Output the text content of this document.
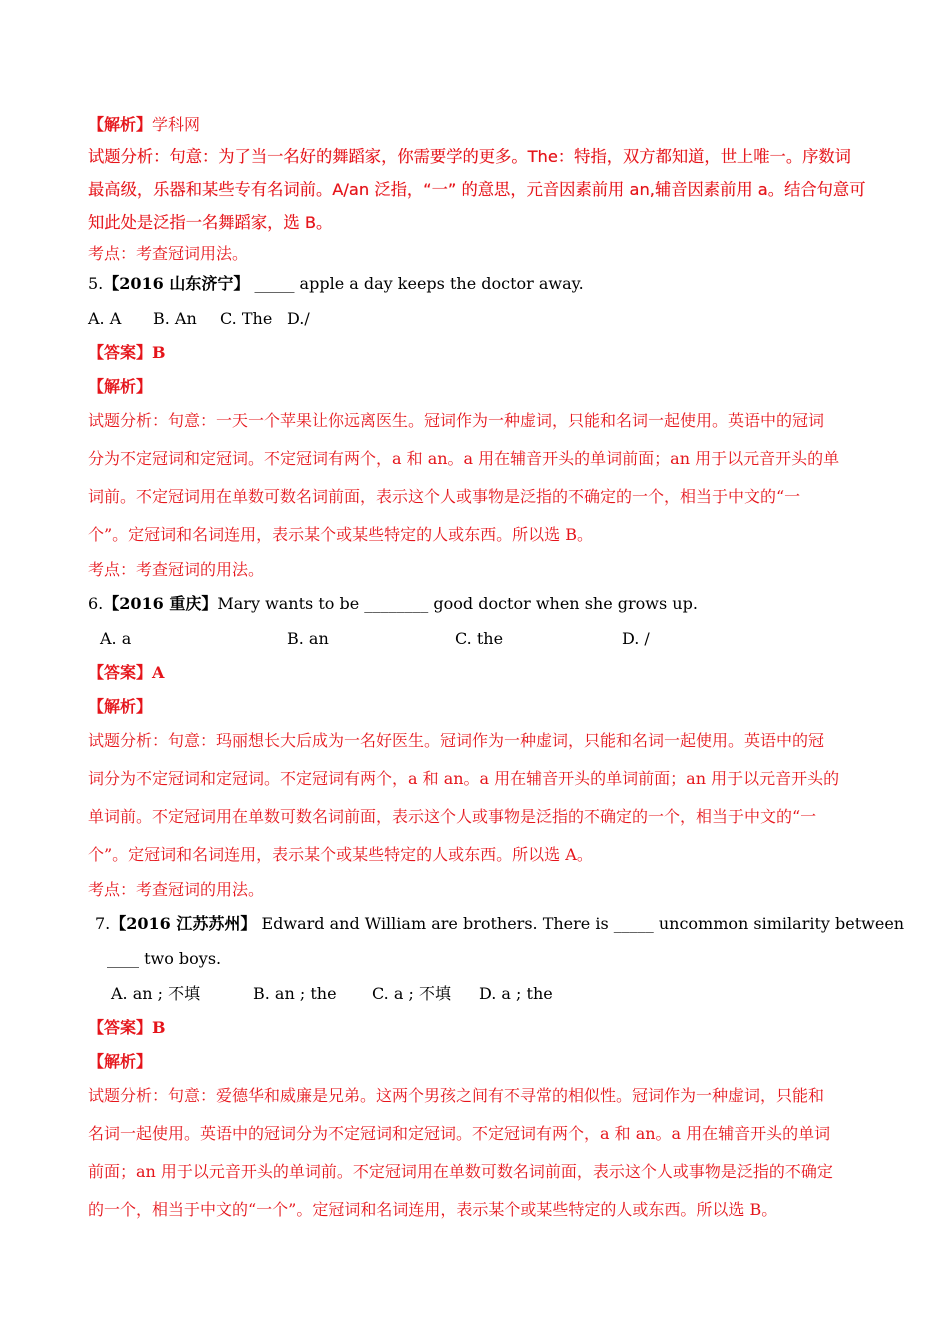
【解析】学科网
试题分析：句意：为了当一名好的舞蹈家，你需要学的更多。The：特指，双方都知道，世上唯一。序数词
最高级，乐器和某些专有名词前。A/an 泛指，“一” 的意思，元音因素前用 an,辅音因素前用 a。结合句意可
知此处是泛指一名舞蹈家，选 B。
考点：考查冠词用法。
5.【2016 山东济宁】 _____ apple a day keeps the doctor away.
A. A B. An C. The D./
【答案】B
【解析】
试题分析：句意：一天一个苹果让你远离医生。冠词作为一种虚词，只能和名词一起使用。英语中的冠词
分为不定冠词和定冠词。不定冠词有两个，a 和 an。a 用在辅音开头的单词前面；an 用于以元音开头的单
词前。不定冠词用在单数可数名词前面，表示这个人或事物是泛指的不确定的一个，相当于中文的“一
个”。定冠词和名词连用，表示某个或某些特定的人或东西。所以选 B。
考点：考查冠词的用法。
6.【2016 重庆】Mary wants to be ________ good doctor when she grows up.
A. a	B. an	C. the	D. /
【答案】A
【解析】
试题分析：句意：玛丽想长大后成为一名好医生。冠词作为一种虚词，只能和名词一起使用。英语中的冠
词分为不定冠词和定冠词。不定冠词有两个，a 和 an。a 用在辅音开头的单词前面；an 用于以元音开头的
单词前。不定冠词用在单数可数名词前面，表示这个人或事物是泛指的不确定的一个，相当于中文的“一
个”。定冠词和名词连用，表示某个或某些特定的人或东西。所以选 A。
考点：考查冠词的用法。
7.【2016 江苏苏州】 Edward and William are brothers. There is _____ uncommon similarity between
____ two boys.
A. an ; 不填	B. an ; the C. a ; 不填 D. a ; the
【答案】B
【解析】
试题分析：句意：爱德华和威廉是兄弟。这两个男孩之间有不寻常的相似性。冠词作为一种虚词，只能和
名词一起使用。英语中的冠词分为不定冠词和定冠词。不定冠词有两个，a 和 an。a 用在辅音开头的单词
前面；an 用于以元音开头的单词前。不定冠词用在单数可数名词前面，表示这个人或事物是泛指的不确定
的一个，相当于中文的“一个”。定冠词和名词连用，表示某个或某些特定的人或东西。所以选 B。
